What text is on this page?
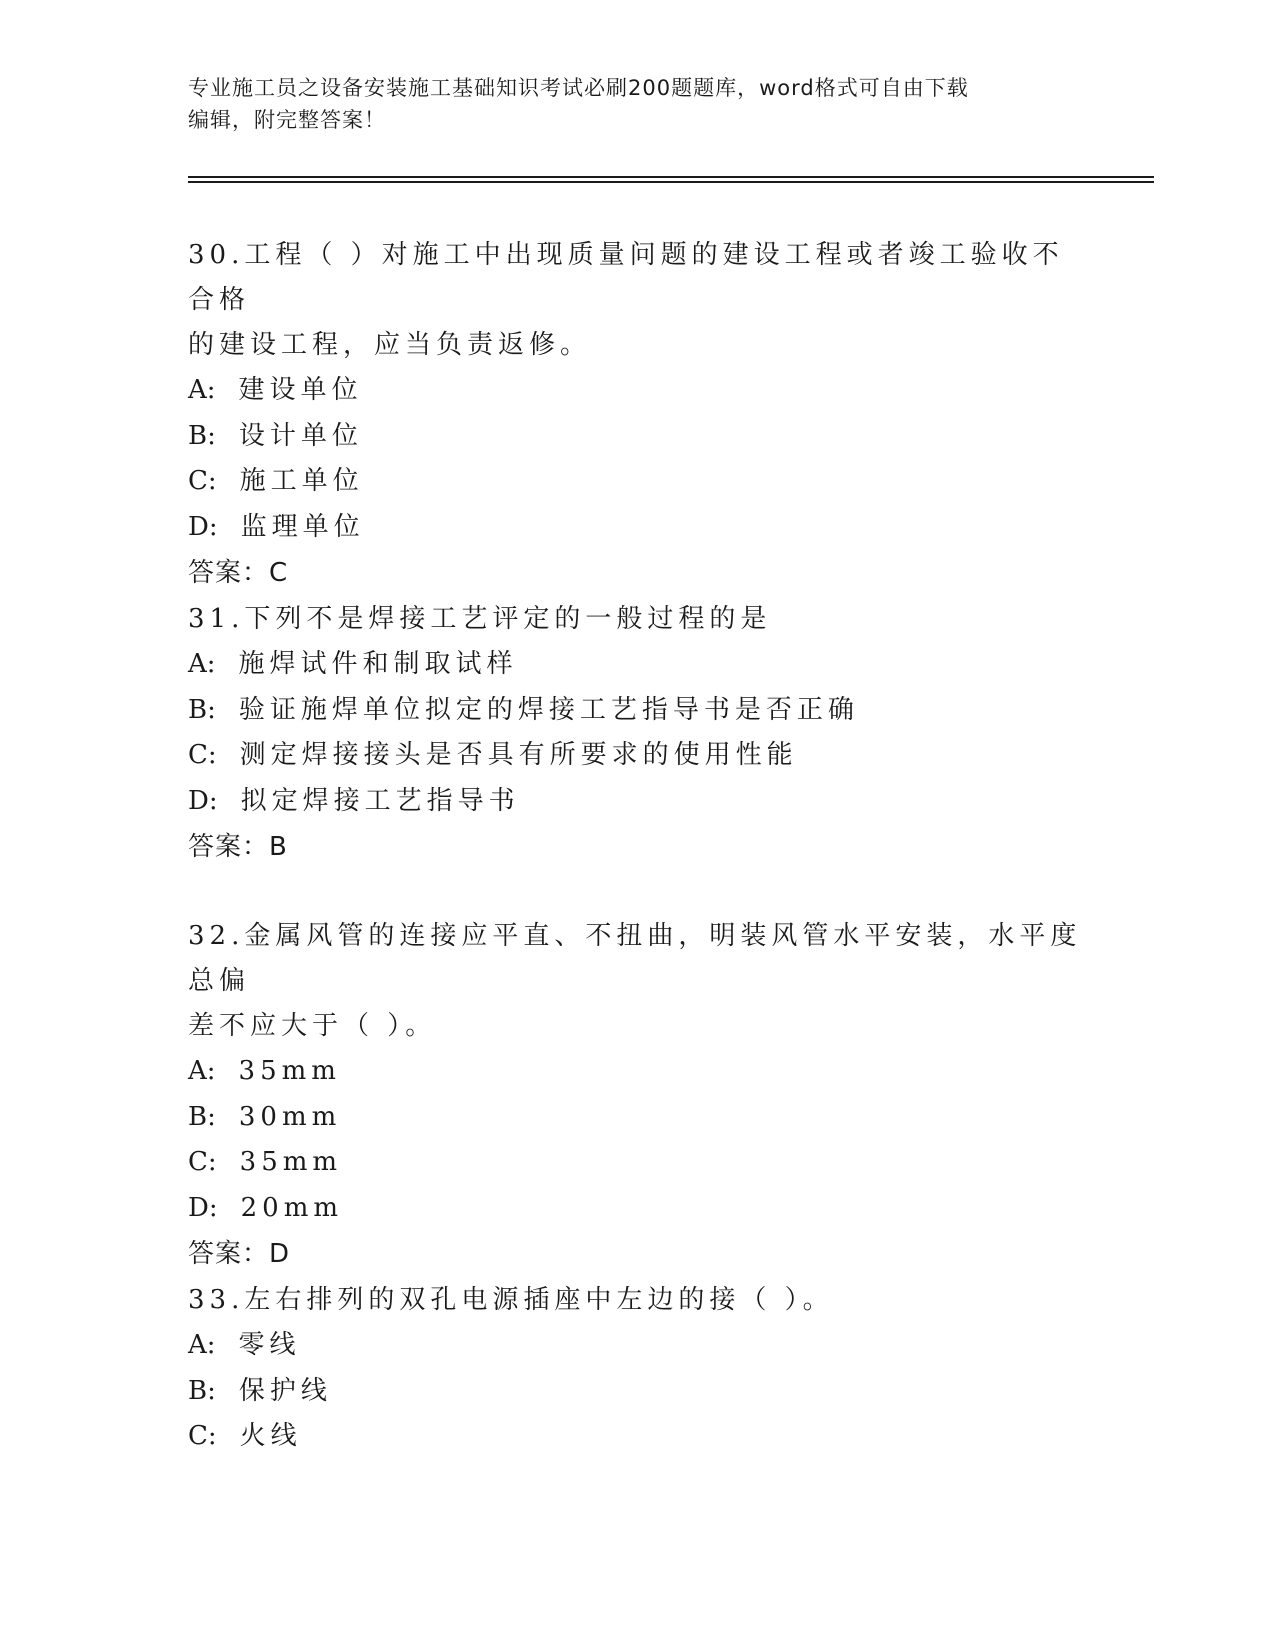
专业施工员之设备安装施工基础知识考试必刷200题题库，word格式可自由下载
编辑，附完整答案！

30.工程（ ）对施工中出现质量问题的建设工程或者竣工验收不合格

的建设工程，应当负责返修。

A: 建设单位

B: 设计单位

C: 施工单位

D: 监理单位

答案：C

31.下列不是焊接工艺评定的一般过程的是

A: 施焊试件和制取试样

B: 验证施焊单位拟定的焊接工艺指导书是否正确

C: 测定焊接接头是否具有所要求的使用性能

D: 拟定焊接工艺指导书

答案：B

32.金属风管的连接应平直、不扭曲，明装风管水平安装，水平度总偏

差不应大于（ ）。

A: 35mm

B: 30mm

C: 35mm

D: 20mm

答案：D

33.左右排列的双孔电源插座中左边的接（ ）。

A: 零线

B: 保护线

C: 火线
